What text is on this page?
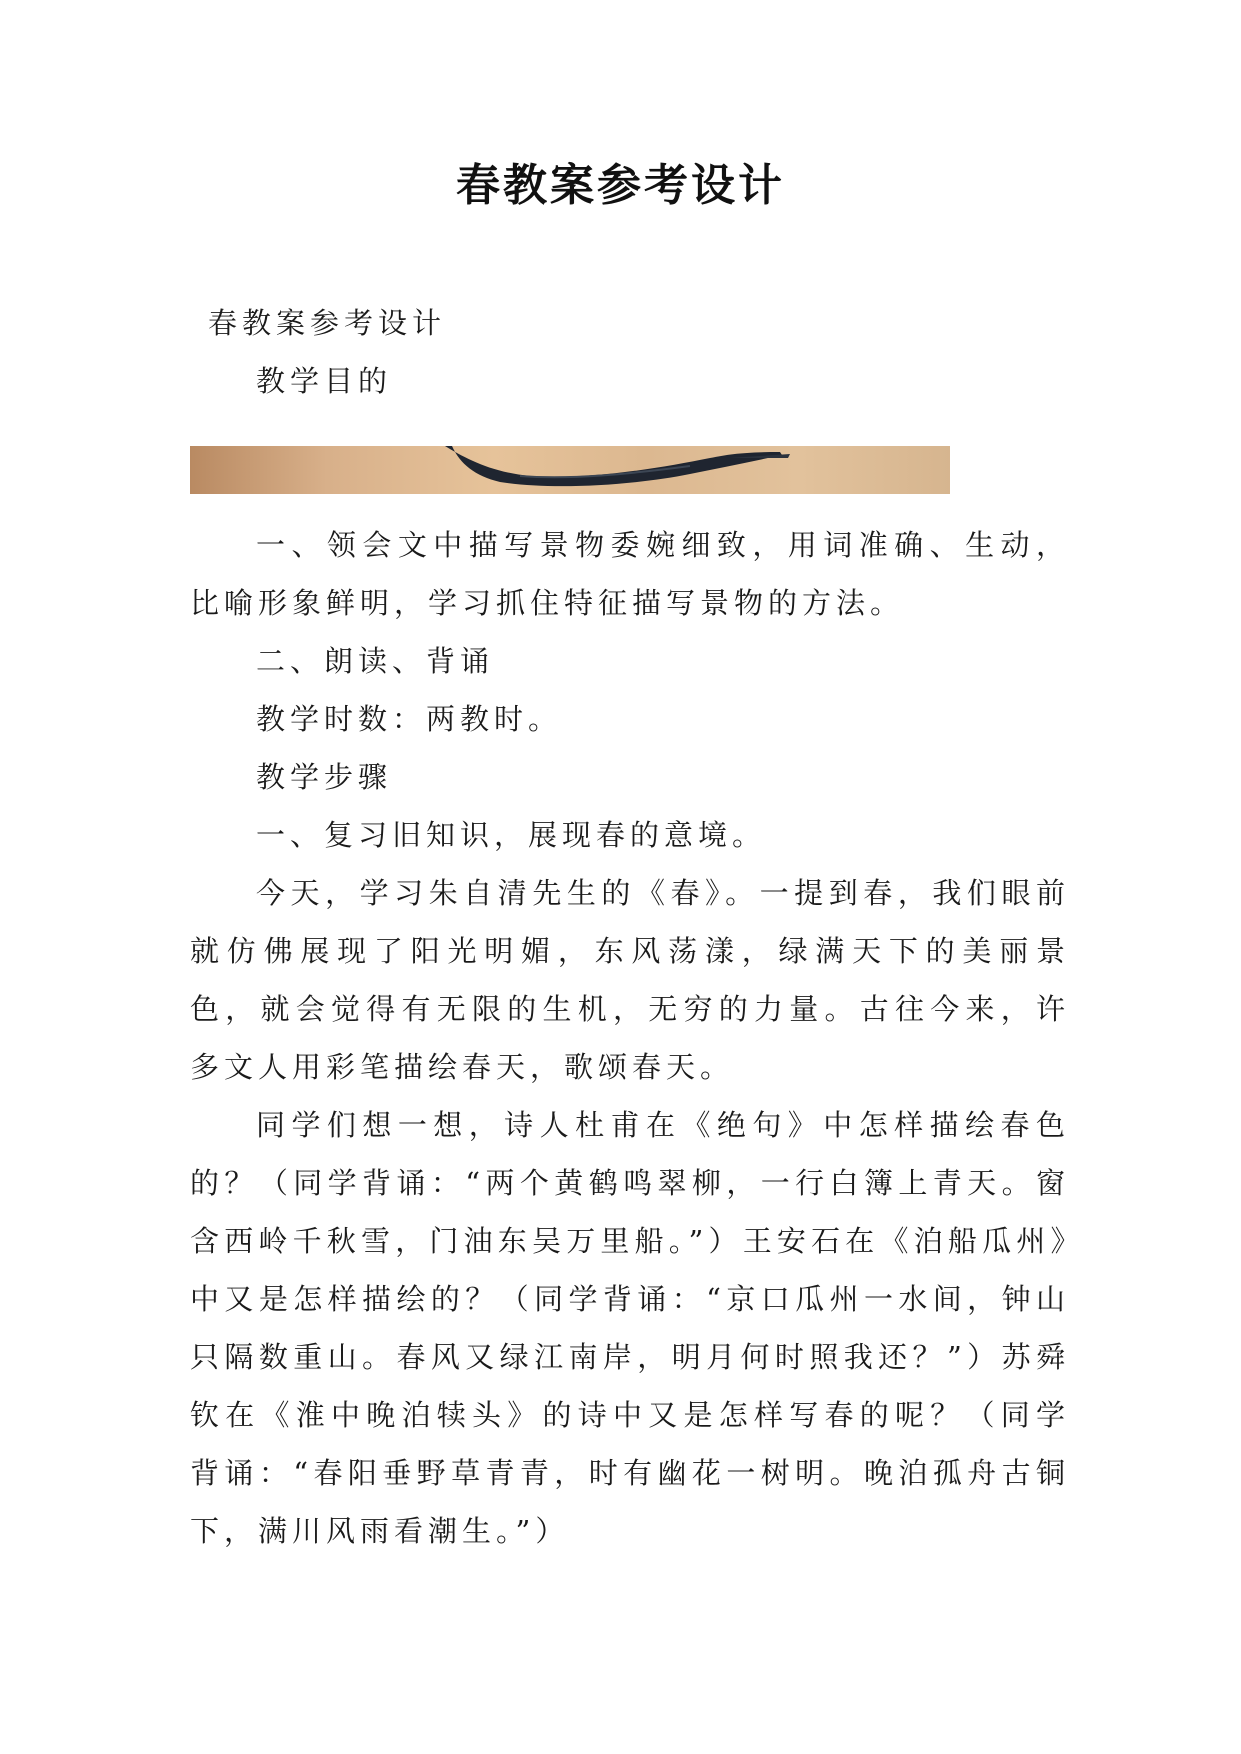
春教案参考设计

春教案参考设计

教学目的

一、领会文中描写景物委婉细致，用词准确、生动，比喻形象鲜明，学习抓住特征描写景物的方法。

二、朗读、背诵

教学时数：两教时。

教学步骤

一、复习旧知识，展现春的意境。

今天，学习朱自清先生的《春》。一提到春，我们眼前就仿佛展现了阳光明媚，东风荡漾，绿满天下的美丽景色，就会觉得有无限的生机，无穷的力量。古往今来，许多文人用彩笔描绘春天，歌颂春天。

同学们想一想，诗人杜甫在《绝句》中怎样描绘春色的？（同学背诵：“两个黄鹤鸣翠柳，一行白簿上青天。窗含西岭千秋雪，门油东吴万里船。”）王安石在《泊船瓜州》中又是怎样描绘的？（同学背诵：“京口瓜州一水间，钟山只隔数重山。春风又绿江南岸，明月何时照我还？”）苏舜钦在《淮中晚泊犊头》的诗中又是怎样写春的呢？（同学背诵：“春阳垂野草青青，时有幽花一树明。晚泊孤舟古铜下，满川风雨看潮生。”）
